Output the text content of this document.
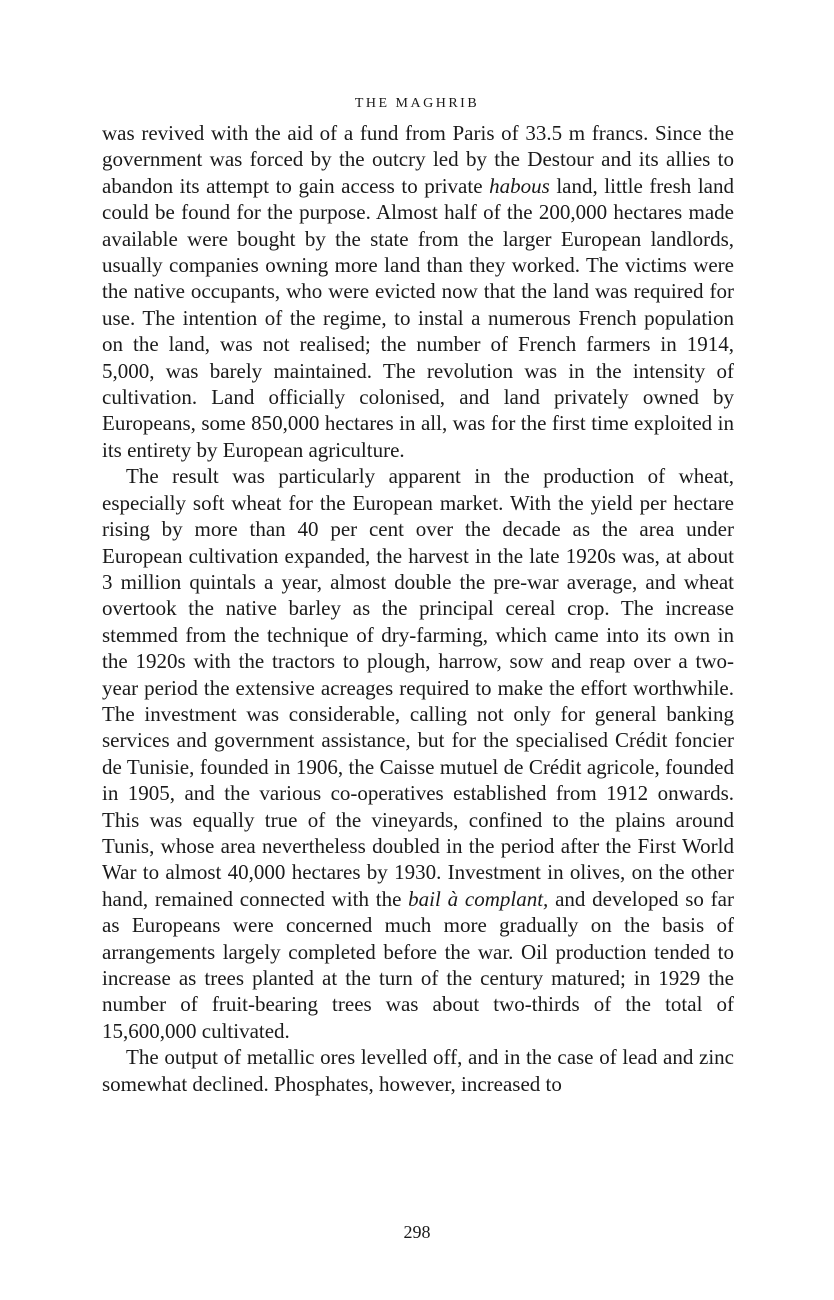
THE MAGHRIB

was revived with the aid of a fund from Paris of 33.5 m francs. Since the government was forced by the outcry led by the Destour and its allies to abandon its attempt to gain access to private habous land, little fresh land could be found for the purpose. Almost half of the 200,000 hectares made available were bought by the state from the larger European landlords, usually companies owning more land than they worked. The victims were the native occupants, who were evicted now that the land was required for use. The intention of the regime, to instal a numerous French population on the land, was not realised; the number of French farmers in 1914, 5,000, was barely maintained. The revolution was in the intensity of cultivation. Land officially colonised, and land privately owned by Europeans, some 850,000 hectares in all, was for the first time exploited in its entirety by European agriculture.

The result was particularly apparent in the production of wheat, especially soft wheat for the European market. With the yield per hectare rising by more than 40 per cent over the decade as the area under European cultivation expanded, the harvest in the late 1920s was, at about 3 million quintals a year, almost double the pre-war average, and wheat overtook the native barley as the principal cereal crop. The increase stemmed from the technique of dry-farming, which came into its own in the 1920s with the tractors to plough, harrow, sow and reap over a two-year period the extensive acreages required to make the effort worthwhile. The investment was considerable, calling not only for general banking services and government assistance, but for the specialised Crédit foncier de Tunisie, founded in 1906, the Caisse mutuel de Crédit agricole, founded in 1905, and the various co-operatives established from 1912 onwards. This was equally true of the vineyards, confined to the plains around Tunis, whose area nevertheless doubled in the period after the First World War to almost 40,000 hectares by 1930. Investment in olives, on the other hand, remained connected with the bail à complant, and developed so far as Europeans were concerned much more gradually on the basis of arrangements largely completed before the war. Oil production tended to increase as trees planted at the turn of the century matured; in 1929 the number of fruit-bearing trees was about two-thirds of the total of 15,600,000 cultivated.

The output of metallic ores levelled off, and in the case of lead and zinc somewhat declined. Phosphates, however, increased to

298
